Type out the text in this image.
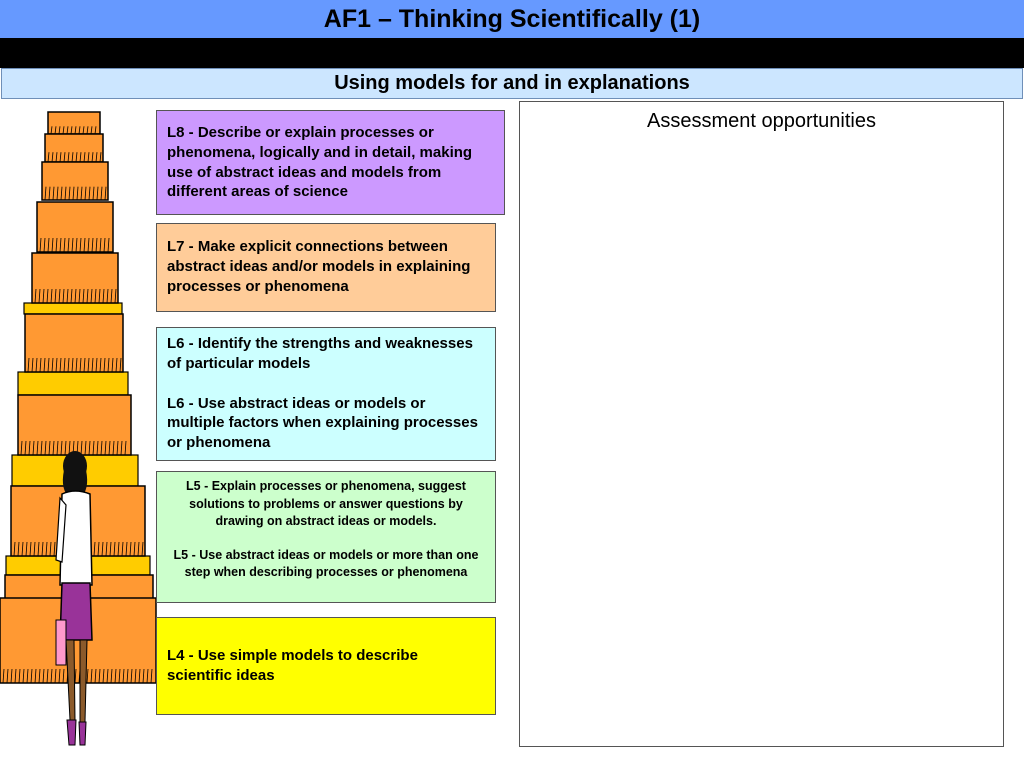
AF1 – Thinking Scientifically (1)
Using models for and in explanations

L8 - Describe or explain processes or phenomena, logically and in detail, making use of abstract ideas and models from different areas of science

L7 - Make explicit connections between abstract ideas and/or models in explaining processes or phenomena

L6 - Identify the strengths and weaknesses of particular models

L6 - Use abstract ideas or models or multiple factors when explaining processes or phenomena

L5 - Explain processes or phenomena, suggest solutions to problems or answer questions by drawing on abstract ideas or models.

L5 - Use abstract ideas or models or more than one step when describing processes or phenomena

L4 - Use simple models to describe scientific ideas

Assessment opportunities
